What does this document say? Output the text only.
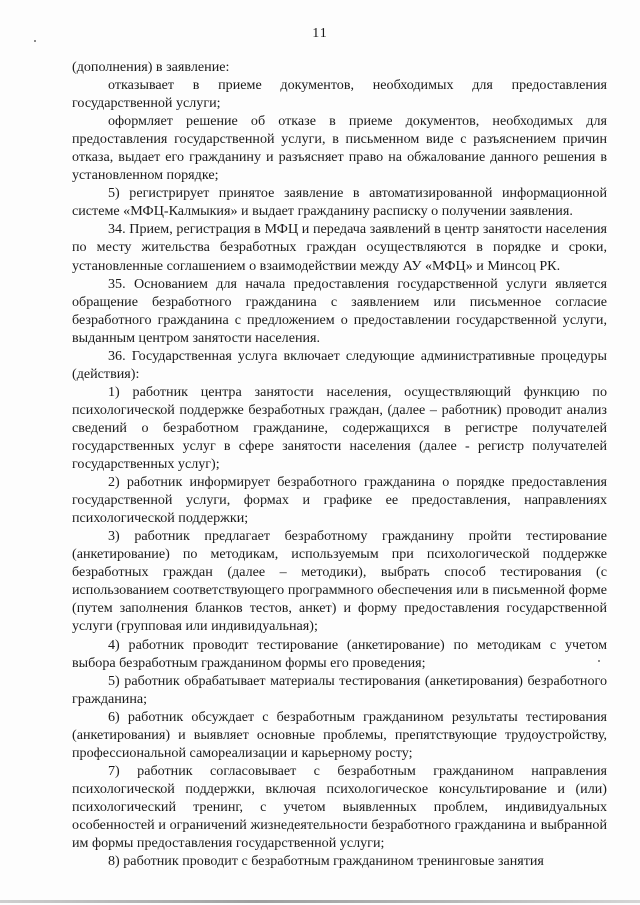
11

(дополнения) в заявление:

отказывает в приеме документов, необходимых для предоставления государственной услуги;

оформляет решение об отказе в приеме документов, необходимых для предоставления государственной услуги, в письменном виде с разъяснением причин отказа, выдает его гражданину и разъясняет право на обжалование данного решения в установленном порядке;

5) регистрирует принятое заявление в автоматизированной информационной системе «МФЦ-Калмыкия» и выдает гражданину расписку о получении заявления.

34. Прием, регистрация в МФЦ и передача заявлений в центр занятости населения по месту жительства безработных граждан осуществляются в порядке и сроки, установленные соглашением о взаимодействии между АУ «МФЦ» и Минсоц РК.

35. Основанием для начала предоставления государственной услуги является обращение безработного гражданина с заявлением или письменное согласие безработного гражданина с предложением о предоставлении государственной услуги, выданным центром занятости населения.

36. Государственная услуга включает следующие административные процедуры (действия):

1) работник центра занятости населения, осуществляющий функцию по психологической поддержке безработных граждан, (далее – работник) проводит анализ сведений о безработном гражданине, содержащихся в регистре получателей государственных услуг в сфере занятости населения (далее - регистр получателей государственных услуг);

2) работник информирует безработного гражданина о порядке предоставления государственной услуги, формах и графике ее предоставления, направлениях психологической поддержки;

3) работник предлагает безработному гражданину пройти тестирование (анкетирование) по методикам, используемым при психологической поддержке безработных граждан (далее – методики), выбрать способ тестирования (с использованием соответствующего программного обеспечения или в письменной форме (путем заполнения бланков тестов, анкет) и форму предоставления государственной услуги (групповая или индивидуальная);

4) работник проводит тестирование (анкетирование) по методикам с учетом выбора безработным гражданином формы его проведения;

5) работник обрабатывает материалы тестирования (анкетирования) безработного гражданина;

6) работник обсуждает с безработным гражданином результаты тестирования (анкетирования) и выявляет основные проблемы, препятствующие трудоустройству, профессиональной самореализации и карьерному росту;

7) работник согласовывает с безработным гражданином направления психологической поддержки, включая психологическое консультирование и (или) психологический тренинг, с учетом выявленных проблем, индивидуальных особенностей и ограничений жизнедеятельности безработного гражданина и выбранной им формы предоставления государственной услуги;

8) работник проводит с безработным гражданином тренинговые занятия
